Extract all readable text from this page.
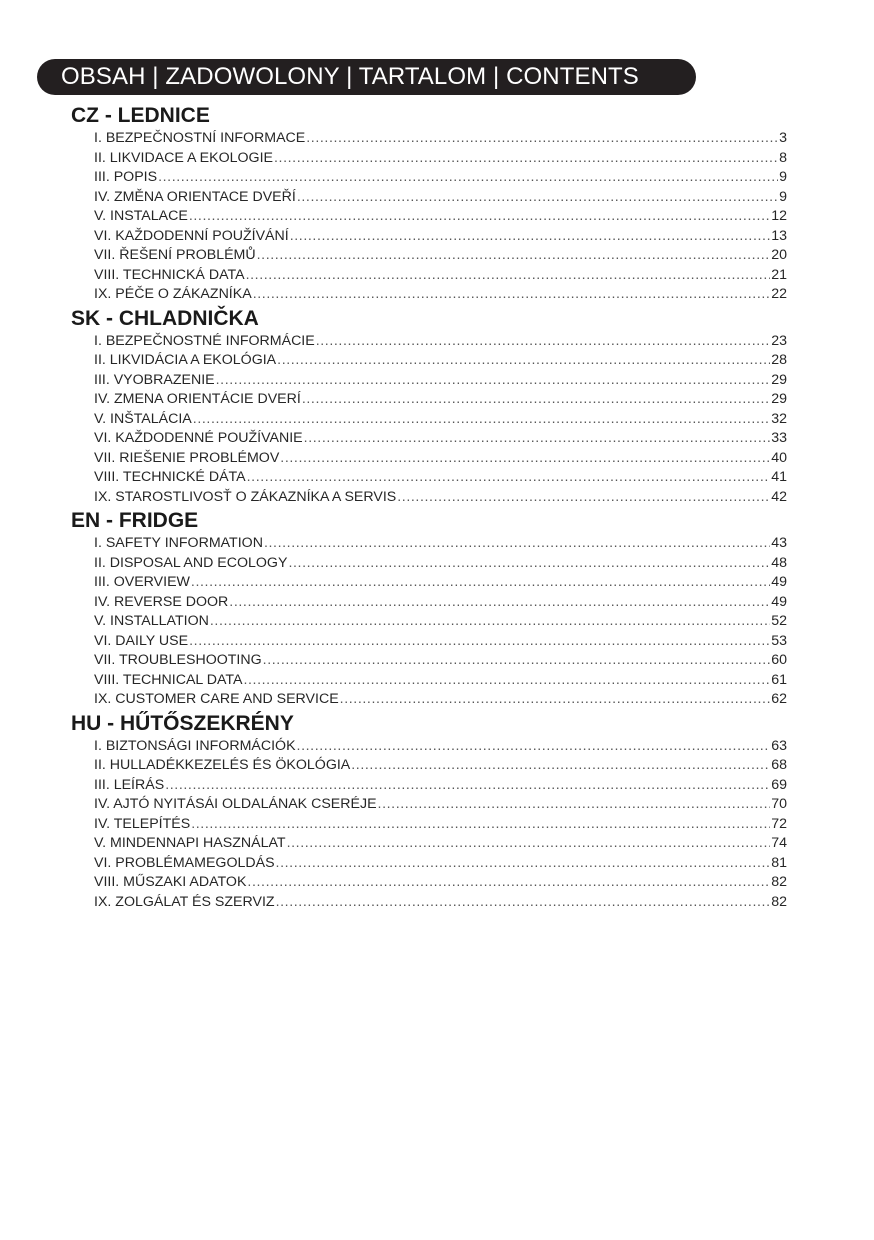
OBSAH | ZADOWOLONY | TARTALOM | CONTENTS
CZ - LEDNICE
I. BEZPEČNOSTNÍ INFORMACE .....	3
II. LIKVIDACE A EKOLOGIE .....	8
III. POPIS .....	9
IV. ZMĚNA ORIENTACE DVEŘÍ .....	9
V. INSTALACE .....	12
VI. KAŽDODENNÍ POUŽÍVÁNÍ .....	13
VII. ŘEŠENÍ PROBLÉMŮ .....	20
VIII. TECHNICKÁ DATA .....	21
IX. PÉČE O ZÁKAZNÍKA .....	22
SK - CHLADNIČKA
I. BEZPEČNOSTNÉ INFORMÁCIE .....	23
II. LIKVIDÁCIA A EKOLÓGIA .....	28
III. VYOBRAZENIE .....	29
IV. ZMENA ORIENTÁCIE DVERÍ .....	29
V. INŠTALÁCIA .....	32
VI. KAŽDODENNÉ POUŽÍVANIE .....	33
VII. RIEŠENIE PROBLÉMOV .....	40
VIII. TECHNICKÉ DÁTA .....	41
IX. STAROSTLIVOSŤ O ZÁKAZNÍKA A SERVIS .....	42
EN - FRIDGE
I. SAFETY INFORMATION .....	43
II. DISPOSAL AND ECOLOGY .....	48
III. OVERVIEW .....	49
IV. REVERSE DOOR .....	49
V. INSTALLATION .....	52
VI. DAILY USE .....	53
VII. TROUBLESHOOTING .....	60
VIII. TECHNICAL DATA .....	61
IX. CUSTOMER CARE AND SERVICE .....	62
HU - HŰTŐSZEKRÉNY
I. BIZTONSÁGI INFORMÁCIÓK .....	63
II. HULLADÉKKEZELÉS ÉS ÖKOLÓGIA .....	68
III. LEÍRÁS .....	69
IV. AJTÓ NYITÁSÁI OLDALÁNAK CSERÉJE .....	70
IV. TELEPÍTÉS .....	72
V. MINDENNAPI HASZNÁLAT .....	74
VI. PROBLÉMAMEGOLDÁS .....	81
VIII. MŰSZAKI ADATOK .....	82
IX. ZOLGÁLAT ÉS SZERVIZ .....	82
